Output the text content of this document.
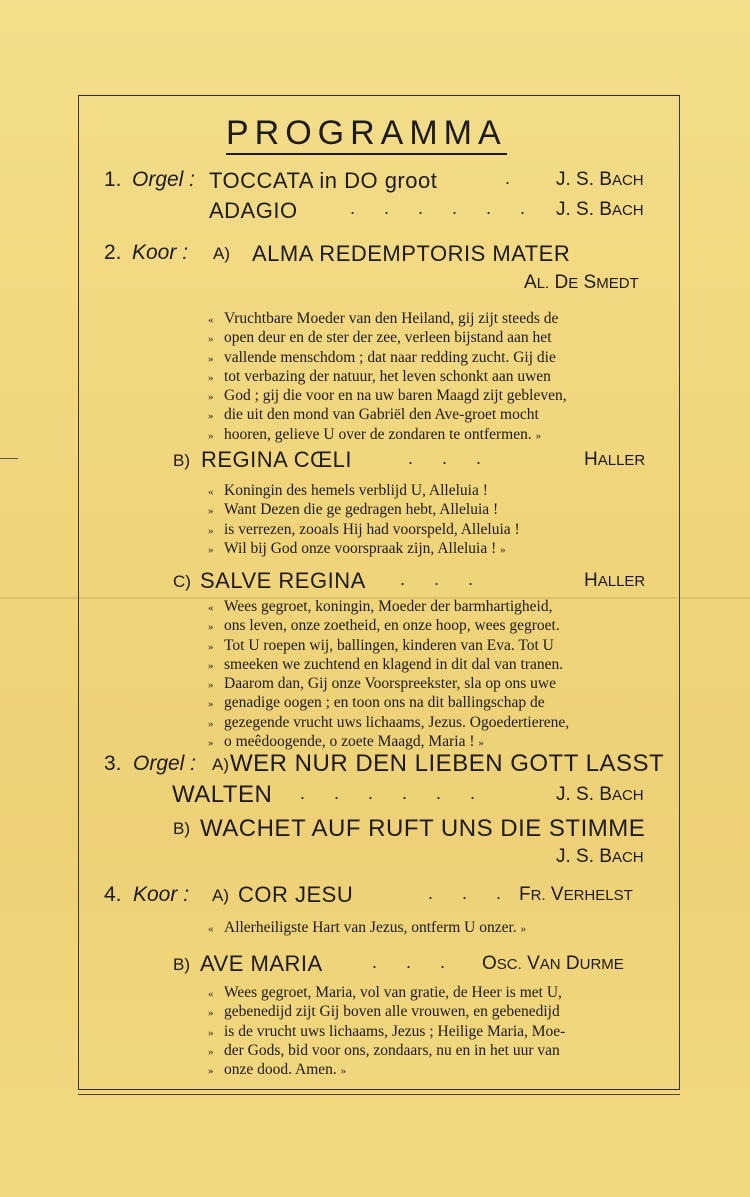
PROGRAMMA
1. Orgel : TOCCATA in DO groot	. J. S. BACH
ADAGIO	. . . . . . J. S. BACH
2. Koor : A) ALMA REDEMPTORIS MATER
AL. DE SMEDT
« Vruchtbare Moeder van den Heiland, gij zijt steeds de
» open deur en de ster der zee, verleen bijstand aan het
» vallende menschdom ; dat naar redding zucht. Gij die
» tot verbazing der natuur, het leven schonkt aan uwen
» God ; gij die voor en na uw baren Maagd zijt gebleven,
» die uit den mond van Gabriël den Ave-groet mocht
» hooren, gelieve U over de zondaren te ontfermen. »
B) REGINA CŒLI	. . .	HALLER
« Koningin des hemels verblijd U, Alleluia !
» Want Dezen die ge gedragen hebt, Alleluia !
» is verrezen, zooals Hij had voorspeld, Alleluia !
» Wil bij God onze voorspraak zijn, Alleluia ! »
C) SALVE REGINA . . .	HALLER
« Wees gegroet, koningin, Moeder der barmhartigheid,
» ons leven, onze zoetheid, en onze hoop, wees gegroet.
» Tot U roepen wij, ballingen, kinderen van Eva. Tot U
» smeeken we zuchtend en klagend in dit dal van tranen.
» Daarom dan, Gij onze Voorspreekster, sla op ons uwe
» genadige oogen ; en toon ons na dit ballingschap de
» gezegende vrucht uws lichaams, Jezus. Ogoedertierene,
» o meêdoogende, o zoete Maagd, Maria ! »
3. Orgel : A) WER NUR DEN LIEBEN GOTT LASST
WALTEN . . . . . .	J. S. BACH
B) WACHET AUF RUFT UNS DIE STIMME
J. S. BACH
4. Koor : A) COR JESU	. . . FR. VERHELST
« Allerheiligste Hart van Jezus, ontferm U onzer. »
B) AVE MARIA	. . . OSC. VAN DURME
« Wees gegroet, Maria, vol van gratie, de Heer is met U,
» gebenedijd zijt Gij boven alle vrouwen, en gebenedijd
» is de vrucht uws lichaams, Jezus ; Heilige Maria, Moe-
» der Gods, bid voor ons, zondaars, nu en in het uur van
» onze dood. Amen. »
